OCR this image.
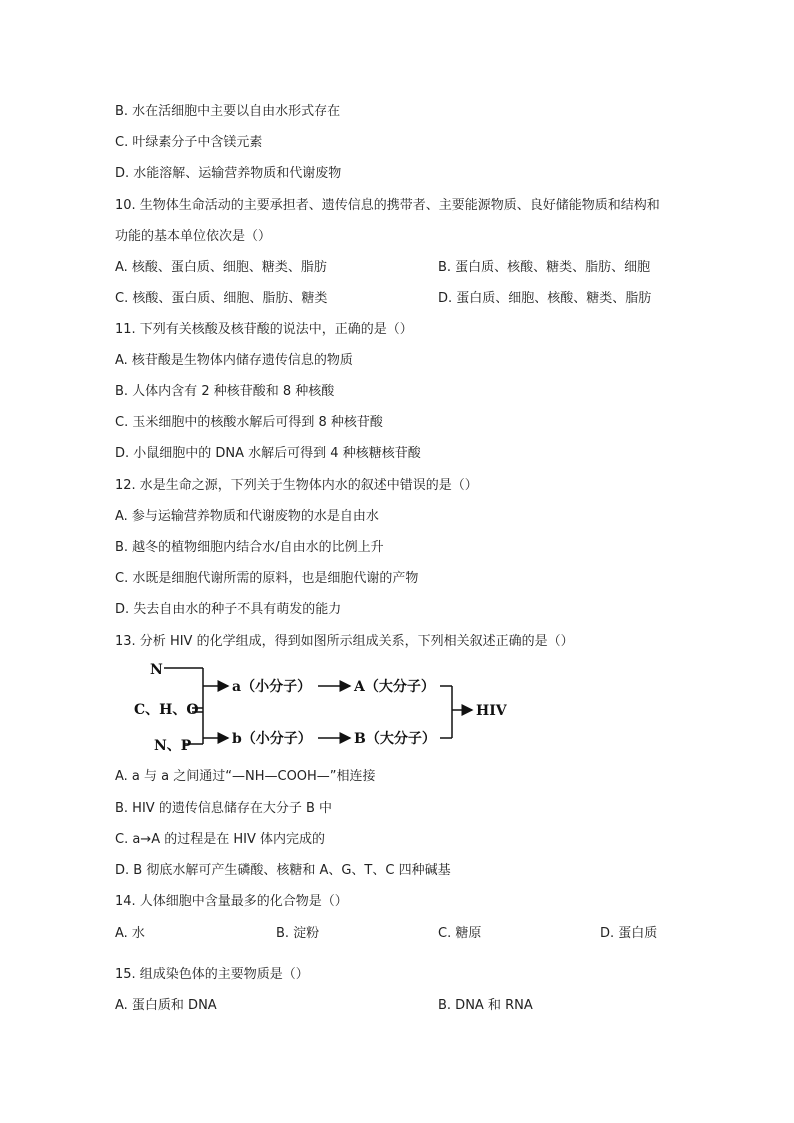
B. 水在活细胞中主要以自由水形式存在
C. 叶绿素分子中含镁元素
D. 水能溶解、运输营养物质和代谢废物
10. 生物体生命活动的主要承担者、遗传信息的携带者、主要能源物质、良好储能物质和结构和
功能的基本单位依次是（）
A. 核酸、蛋白质、细胞、糖类、脂肪	B. 蛋白质、核酸、糖类、脂肪、细胞
C. 核酸、蛋白质、细胞、脂肪、糖类	D. 蛋白质、细胞、核酸、糖类、脂肪
11. 下列有关核酸及核苷酸的说法中，正确的是（）
A. 核苷酸是生物体内储存遗传信息的物质
B. 人体内含有 2 种核苷酸和 8 种核酸
C. 玉米细胞中的核酸水解后可得到 8 种核苷酸
D. 小鼠细胞中的 DNA 水解后可得到 4 种核糖核苷酸
12. 水是生命之源，下列关于生物体内水的叙述中错误的是（）
A. 参与运输营养物质和代谢废物的水是自由水
B. 越冬的植物细胞内结合水/自由水的比例上升
C. 水既是细胞代谢所需的原料，也是细胞代谢的产物
D. 失去自由水的种子不具有萌发的能力
13. 分析 HIV 的化学组成，得到如图所示组成关系，下列相关叙述正确的是（）
N
C、H、O
N、P
a（小分子）
b（小分子）
A（大分子）
B（大分子）
HIV
A. a 与 a 之间通过“—NH—COOH—”相连接
B. HIV 的遗传信息储存在大分子 B 中
C. a→A 的过程是在 HIV 体内完成的
D. B 彻底水解可产生磷酸、核糖和 A、G、T、C 四种碱基
14. 人体细胞中含量最多的化合物是（）
A. 水	B. 淀粉	C. 糖原	D. 蛋白质
15. 组成染色体的主要物质是（）
A. 蛋白质和 DNA	B. DNA 和 RNA
